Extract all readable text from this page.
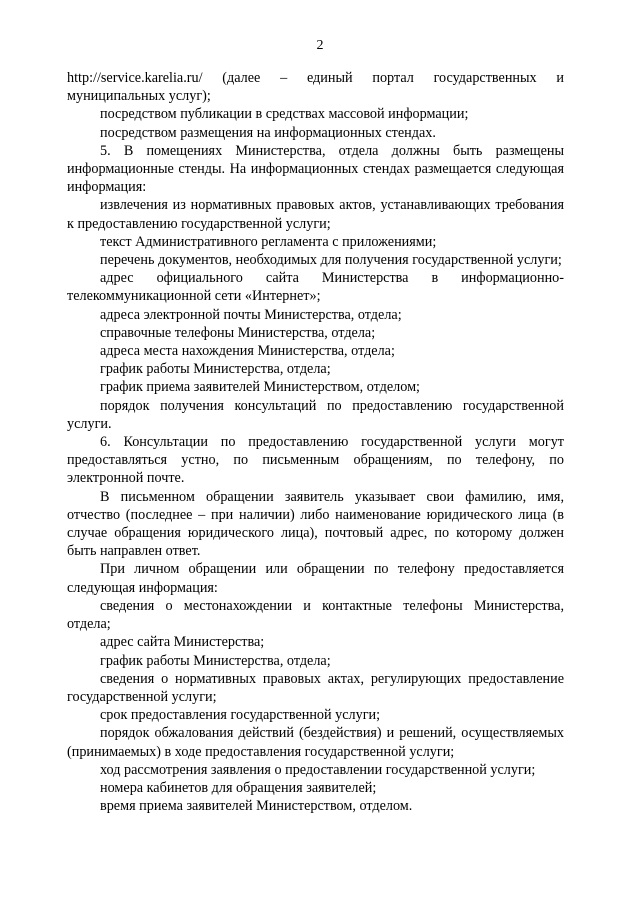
2

http://service.karelia.ru/ (далее – единый портал государственных и муниципальных услуг);

посредством публикации в средствах массовой информации;

посредством размещения на информационных стендах.

5. В помещениях Министерства, отдела должны быть размещены информационные стенды. На информационных стендах размещается следующая информация:

извлечения из нормативных правовых актов, устанавливающих требования к предоставлению государственной услуги;

текст Административного регламента с приложениями;

перечень документов, необходимых для получения государственной услуги;

адрес официального сайта Министерства в информационно-телекоммуникационной сети «Интернет»;

адреса электронной почты Министерства, отдела;

справочные телефоны Министерства, отдела;

адреса места нахождения Министерства, отдела;

график работы Министерства, отдела;

график приема заявителей Министерством, отделом;

порядок получения консультаций по предоставлению государственной услуги.

6. Консультации по предоставлению государственной услуги могут предоставляться устно, по письменным обращениям, по телефону, по электронной почте.

В письменном обращении заявитель указывает свои фамилию, имя, отчество (последнее – при наличии) либо наименование юридического лица (в случае обращения юридического лица), почтовый адрес, по которому должен быть направлен ответ.

При личном обращении или обращении по телефону предоставляется следующая информация:

сведения о местонахождении и контактные телефоны Министерства, отдела;

адрес сайта Министерства;

график работы Министерства, отдела;

сведения о нормативных правовых актах, регулирующих предоставление государственной услуги;

срок предоставления государственной услуги;

порядок обжалования действий (бездействия) и решений, осуществляемых (принимаемых) в ходе предоставления государственной услуги;

ход рассмотрения заявления о предоставлении государственной услуги;

номера кабинетов для обращения заявителей;

время приема заявителей Министерством, отделом.
